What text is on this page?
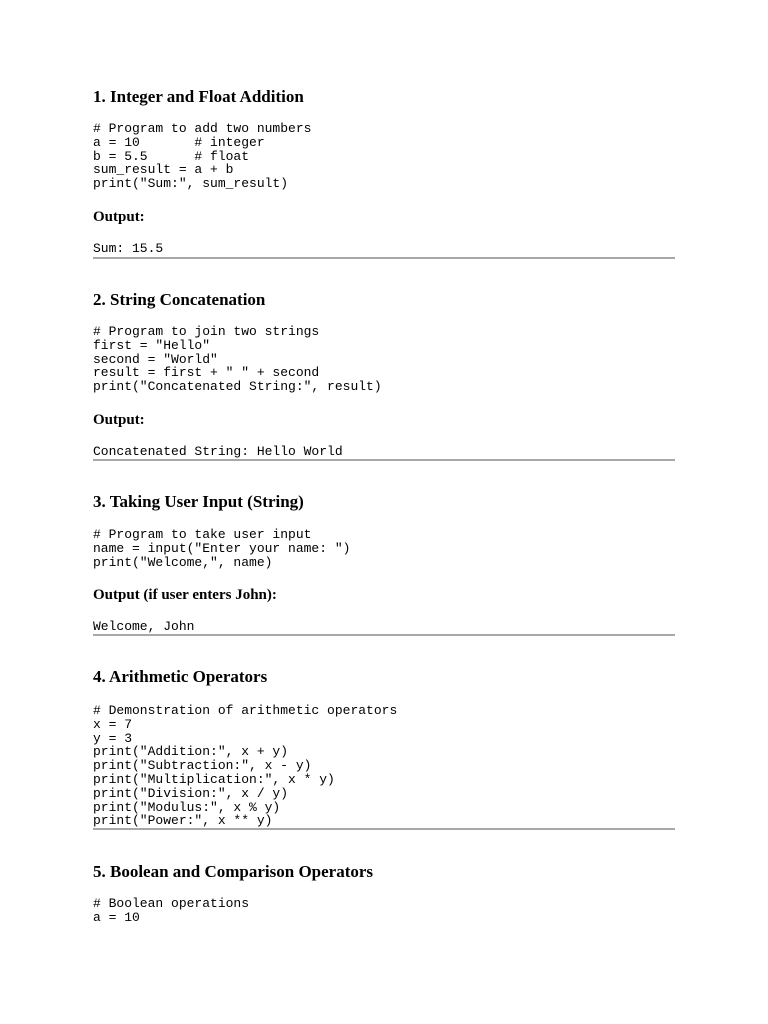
1. Integer and Float Addition
# Program to add two numbers
a = 10       # integer
b = 5.5      # float
sum_result = a + b
print("Sum:", sum_result)
Output:
Sum: 15.5
2. String Concatenation
# Program to join two strings
first = "Hello"
second = "World"
result = first + " " + second
print("Concatenated String:", result)
Output:
Concatenated String: Hello World
3. Taking User Input (String)
# Program to take user input
name = input("Enter your name: ")
print("Welcome,", name)
Output (if user enters John):
Welcome, John
4. Arithmetic Operators
# Demonstration of arithmetic operators
x = 7
y = 3
print("Addition:", x + y)
print("Subtraction:", x - y)
print("Multiplication:", x * y)
print("Division:", x / y)
print("Modulus:", x % y)
print("Power:", x ** y)
5. Boolean and Comparison Operators
# Boolean operations
a = 10
